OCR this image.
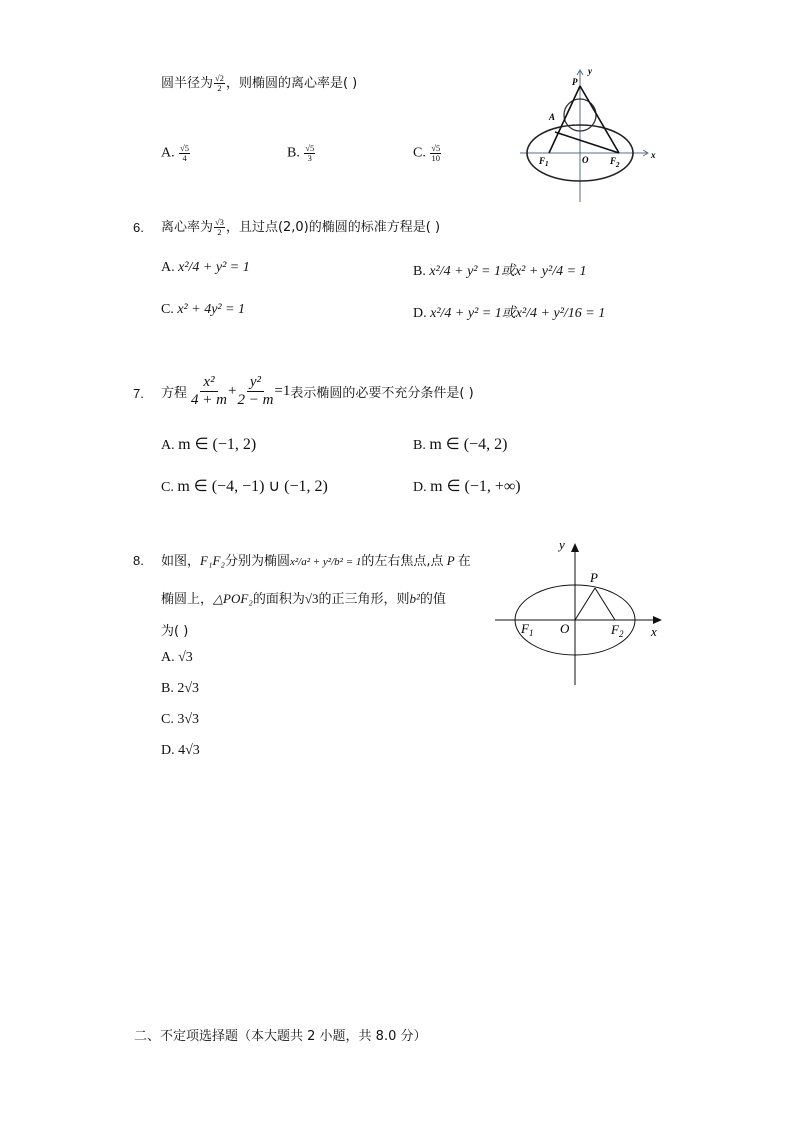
圆半径为 $\frac{√2}{2}$ ，则椭圆的离心率是( )
A. $\frac{√5}{4}$	B. $\frac{√5}{3}$	C. $\frac{√5}{10}$
P
y
A
F 1	O F 2
x
6. 离心率为 $\frac{√3}{2}$ ，且过点(2,0)的椭圆的标准方程是( )
A. x²/4 + y² = 1	B. x²/4 + y² = 1或x² + y²/4 = 1
C. x² + 4y² = 1	D. x²/4 + y² = 1或x²/4 + y²/16 = 1
7. 方程 $\frac{\text{x²}}{4 + m} + \frac{\text{y²}}{2 - m} =1$ 表示椭圆的必要不充分条件是( )
A. m ∈ (−1, 2)	B. m ∈ (−4, 2)
C. m ∈ (−4, −1) ∪ (−1, 2)	D. m ∈ (−1, +∞)
8. 如图，F₁F₂分别为椭圆x²/a² + y²/b² = 1的左右焦点,点 P 在
椭圆上，△POF₂的面积为√3的正三角形，则b²的值
为( )
A. √3
B. 2√3
C. 3√3
D. 4√3
y
P
F 1 O	F 2 x
二、不定项选择题（本大题共 2 小题，共 8.0 分）
